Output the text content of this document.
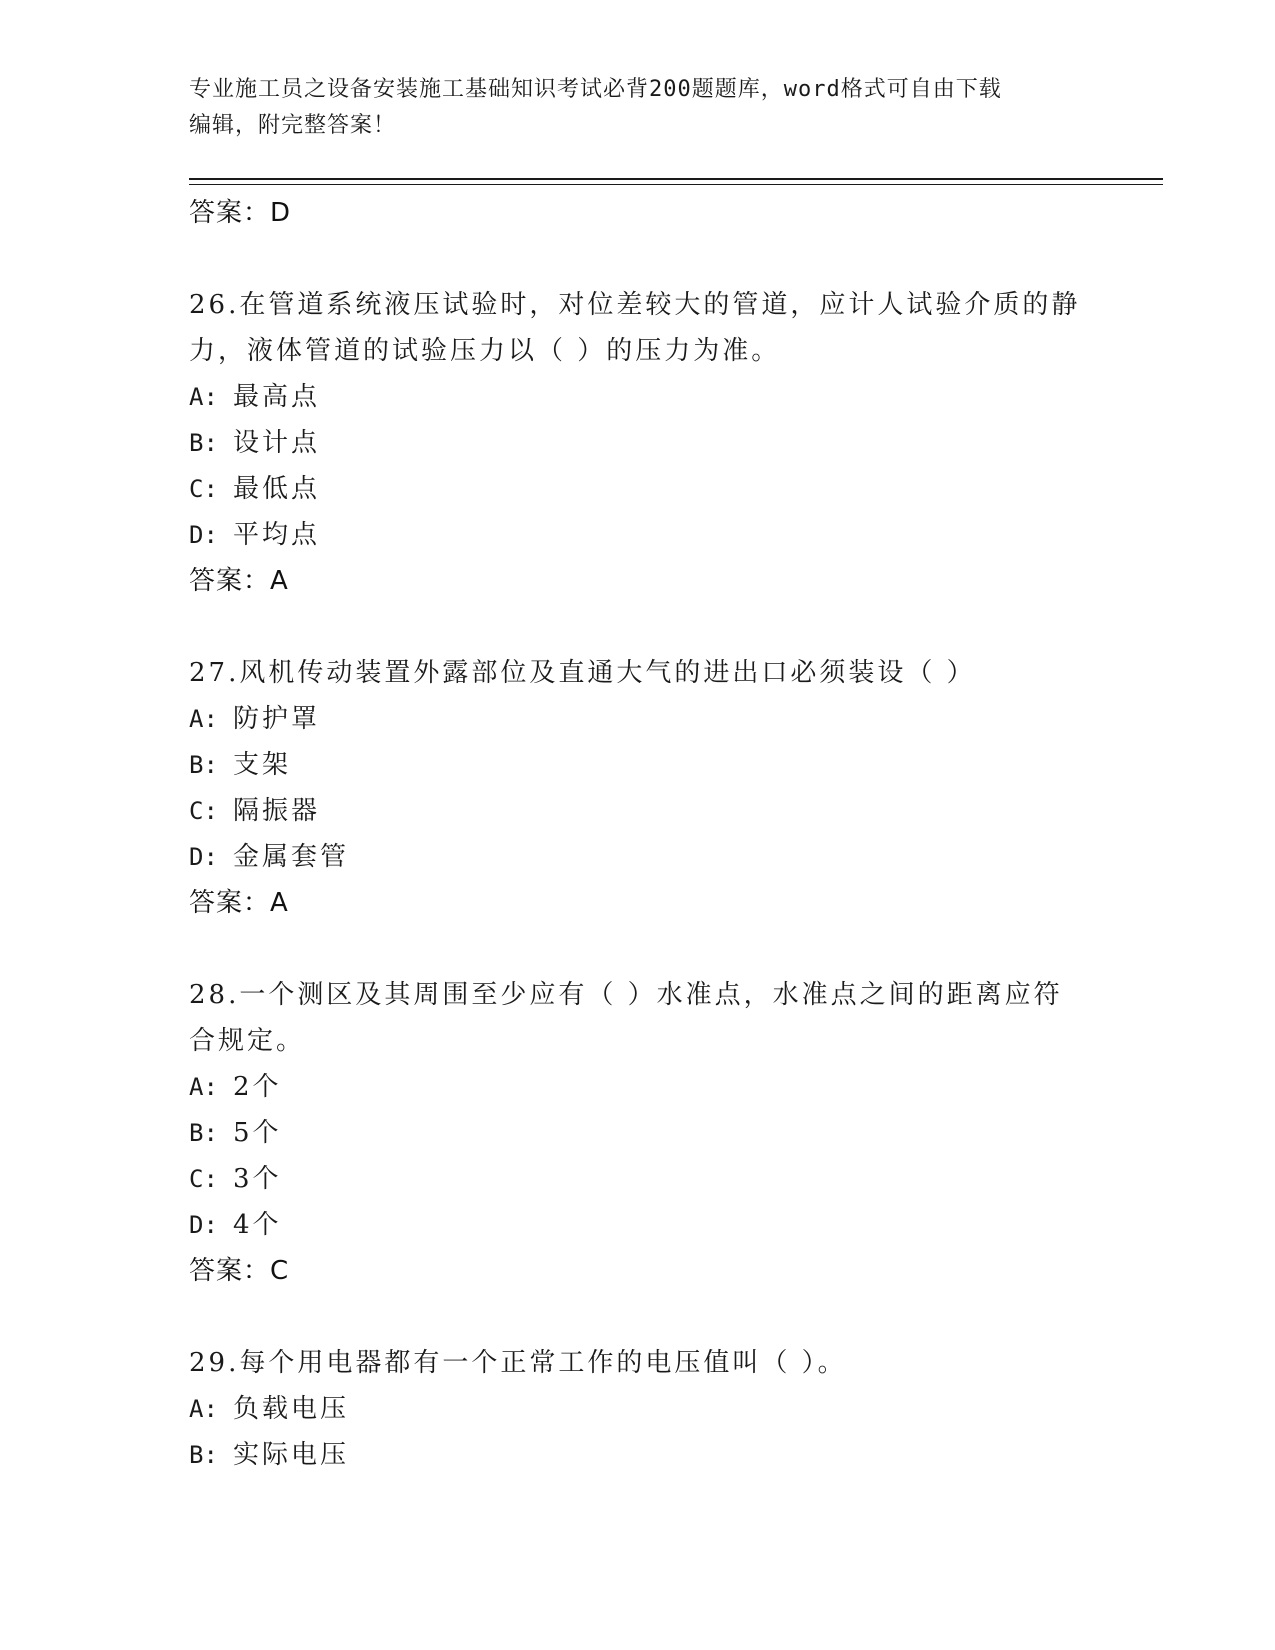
专业施工员之设备安装施工基础知识考试必背200题题库，word格式可自由下载
编辑，附完整答案！
答案：D
26.在管道系统液压试验时，对位差较大的管道，应计人试验介质的静力，液体管道的试验压力以（ ）的压力为准。
A: 最高点
B: 设计点
C: 最低点
D: 平均点
答案：A
27.风机传动装置外露部位及直通大气的进出口必须装设（ ）
A: 防护罩
B: 支架
C: 隔振器
D: 金属套管
答案：A
28.一个测区及其周围至少应有（ ）水准点，水准点之间的距离应符合规定。
A: 2个
B: 5个
C: 3个
D: 4个
答案：C
29.每个用电器都有一个正常工作的电压值叫（ ）。
A: 负载电压
B: 实际电压
